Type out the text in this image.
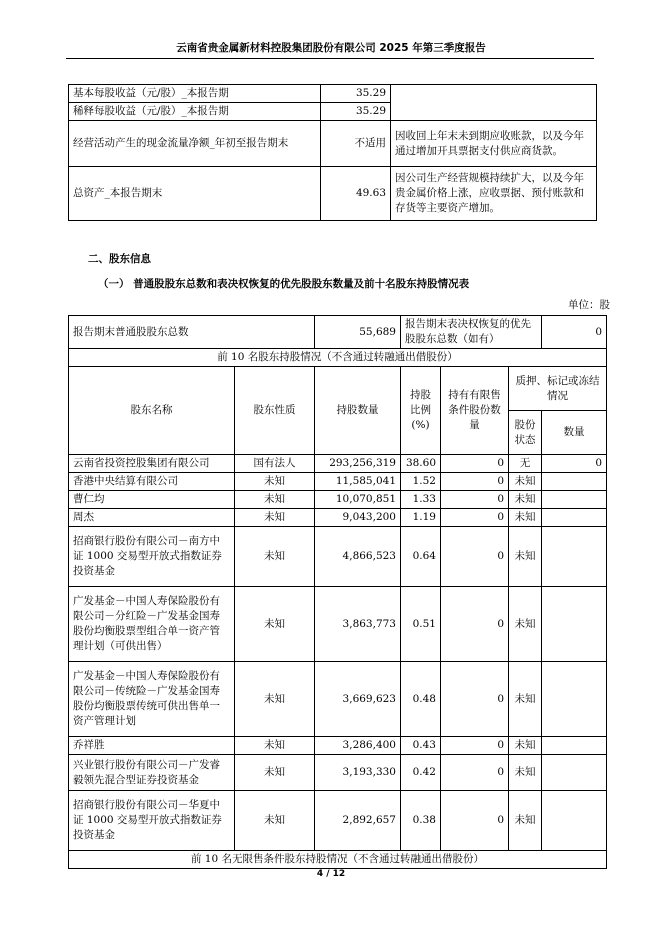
云南省贵金属新材料控股集团股份有限公司 2025 年第三季度报告
基本每股收益（元/股）_本报告期	35.29	
稀释每股收益（元/股）_本报告期	35.29	
经营活动产生的现金流量净额_年初至报告期末	不适用	因收回上年末未到期应收账款，以及今年通过增加开具票据支付供应商货款。
总资产_本报告期末	49.63	因公司生产经营规模持续扩大，以及今年贵金属价格上涨，应收票据、预付账款和存货等主要资产增加。
二、股东信息
（一） 普通股股东总数和表决权恢复的优先股股东数量及前十名股东持股情况表
单位：股
报告期末普通股股东总数		55,689	报告期末表决权恢复的优先股股东总数（如有）			0
前 10 名股东持股情况（不含通过转融通出借股份）						
股东名称	股东性质	持股数量	持股比例(%)	持有有限售条件股份数量	质押、标记或冻结情况	
					股份状态	数量
云南省投资控股集团有限公司	国有法人	293,256,319	38.60	0	无	0
香港中央结算有限公司	未知	11,585,041	1.52	0	未知	
曹仁均	未知	10,070,851	1.33	0	未知	
周杰	未知	9,043,200	1.19	0	未知	
招商银行股份有限公司－南方中证 1000 交易型开放式指数证券投资基金	未知	4,866,523	0.64	0	未知	
广发基金－中国人寿保险股份有限公司－分红险－广发基金国寿股份均衡股票型组合单一资产管理计划（可供出售）	未知	3,863,773	0.51	0	未知	
广发基金－中国人寿保险股份有限公司－传统险－广发基金国寿股份均衡股票传统可供出售单一资产管理计划	未知	3,669,623	0.48	0	未知	
乔祥胜	未知	3,286,400	0.43	0	未知	
兴业银行股份有限公司－广发睿毅领先混合型证券投资基金	未知	3,193,330	0.42	0	未知	
招商银行股份有限公司－华夏中证 1000 交易型开放式指数证券投资基金	未知	2,892,657	0.38	0	未知	
前 10 名无限售条件股东持股情况（不含通过转融通出借股份）						
4 / 12
